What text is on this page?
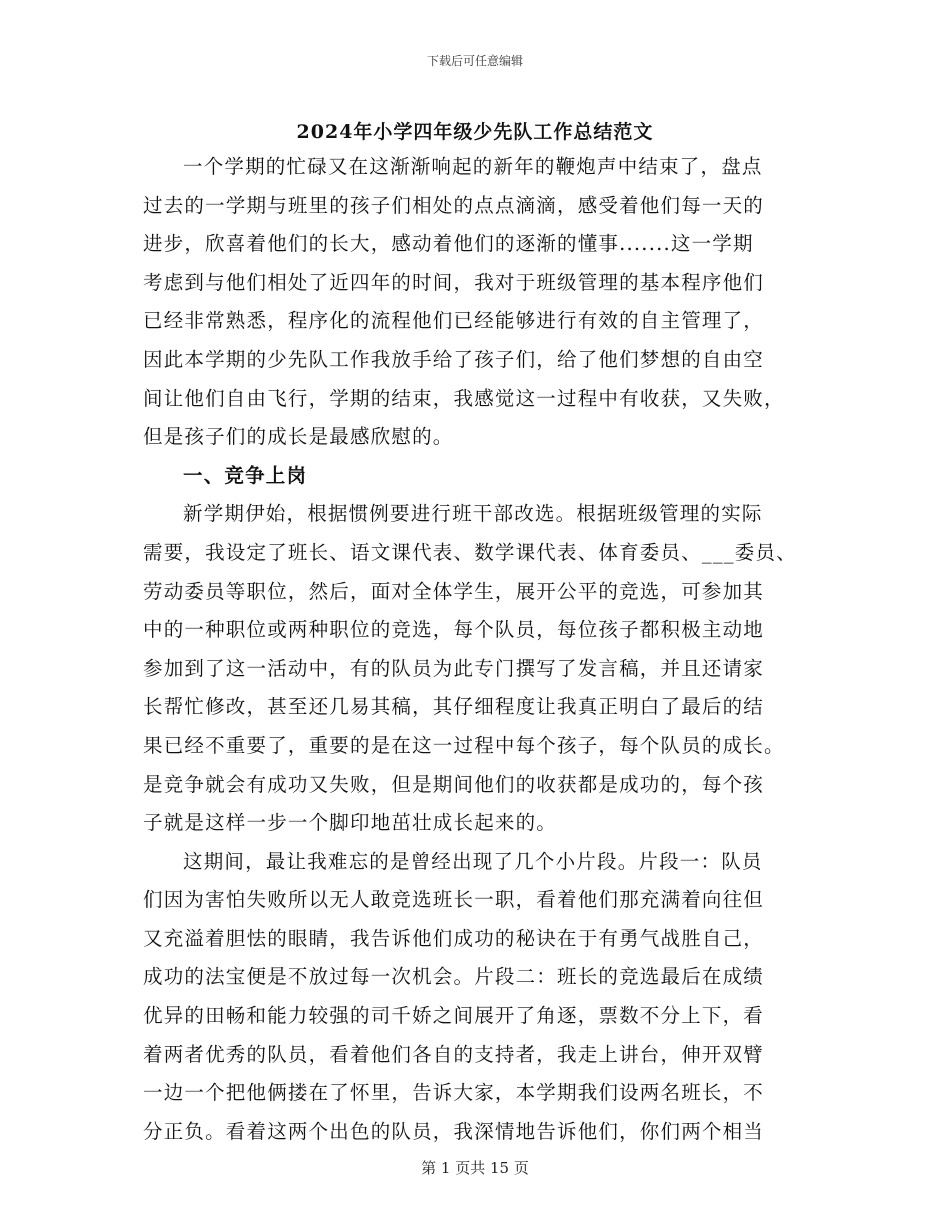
下载后可任意编辑
2024年小学四年级少先队工作总结范文
一个学期的忙碌又在这渐渐响起的新年的鞭炮声中结束了，盘点
过去的一学期与班里的孩子们相处的点点滴滴，感受着他们每一天的
进步，欣喜着他们的长大，感动着他们的逐渐的懂事.......这一学期
考虑到与他们相处了近四年的时间，我对于班级管理的基本程序他们
已经非常熟悉，程序化的流程他们已经能够进行有效的自主管理了，
因此本学期的少先队工作我放手给了孩子们，给了他们梦想的自由空
间让他们自由飞行，学期的结束，我感觉这一过程中有收获，又失败，
但是孩子们的成长是最感欣慰的。
一、竞争上岗
新学期伊始，根据惯例要进行班干部改选。根据班级管理的实际
需要，我设定了班长、语文课代表、数学课代表、体育委员、___委员、
劳动委员等职位，然后，面对全体学生，展开公平的竞选，可参加其
中的一种职位或两种职位的竞选，每个队员，每位孩子都积极主动地
参加到了这一活动中，有的队员为此专门撰写了发言稿，并且还请家
长帮忙修改，甚至还几易其稿，其仔细程度让我真正明白了最后的结
果已经不重要了，重要的是在这一过程中每个孩子，每个队员的成长。
是竞争就会有成功又失败，但是期间他们的收获都是成功的，每个孩
子就是这样一步一个脚印地茁壮成长起来的。
这期间，最让我难忘的是曾经出现了几个小片段。片段一：队员
们因为害怕失败所以无人敢竞选班长一职，看着他们那充满着向往但
又充溢着胆怯的眼睛，我告诉他们成功的秘诀在于有勇气战胜自己，
成功的法宝便是不放过每一次机会。片段二：班长的竞选最后在成绩
优异的田畅和能力较强的司千娇之间展开了角逐，票数不分上下，看
着两者优秀的队员，看着他们各自的支持者，我走上讲台，伸开双臂
一边一个把他俩搂在了怀里，告诉大家，本学期我们设两名班长，不
分正负。看着这两个出色的队员，我深情地告诉他们，你们两个相当
第 1 页共 15 页
